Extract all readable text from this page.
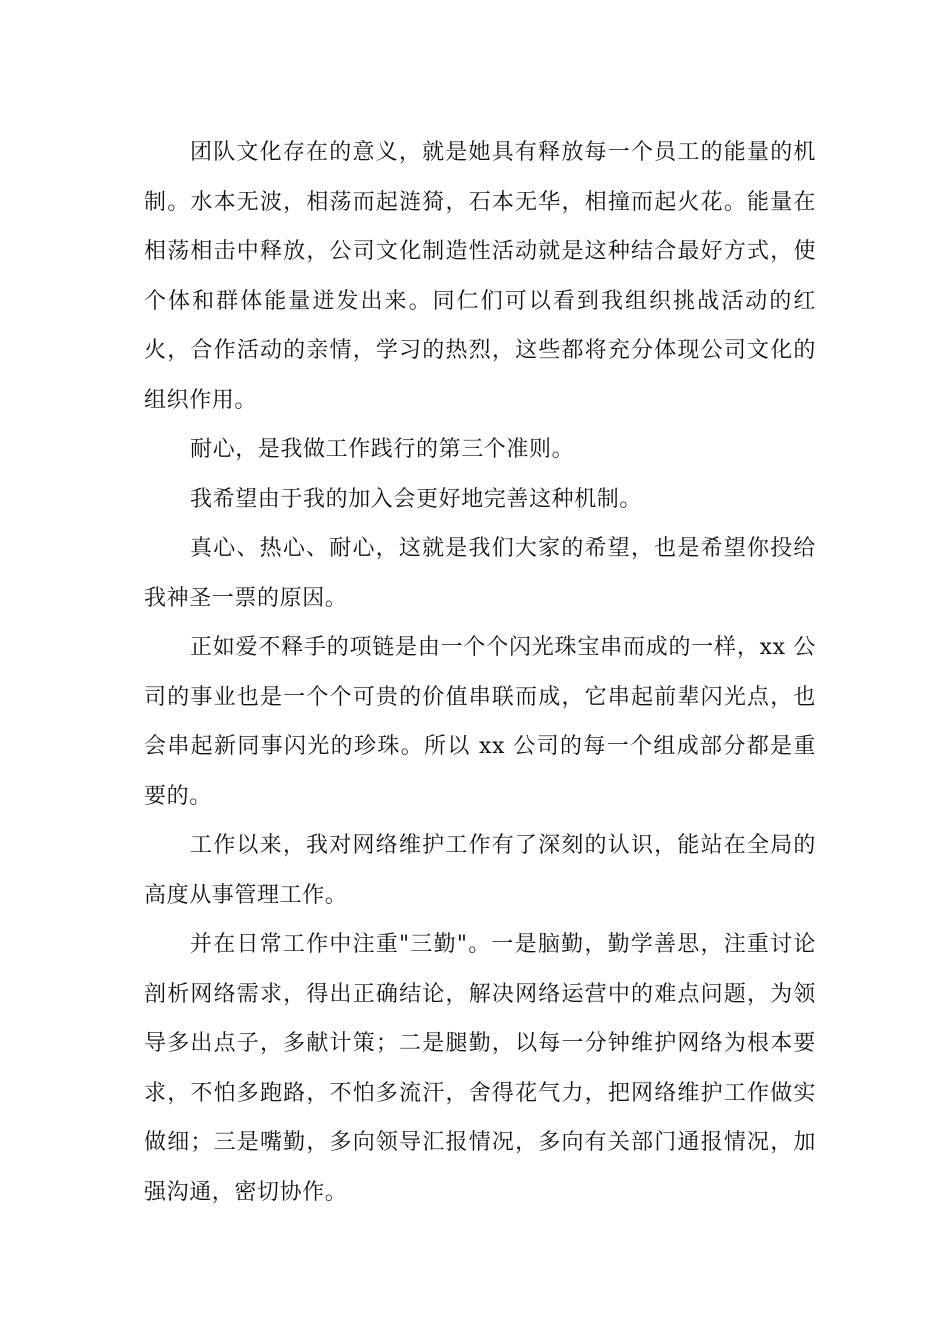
团队文化存在的意义，就是她具有释放每一个员工的能量的机制。水本无波，相荡而起涟猗，石本无华，相撞而起火花。能量在相荡相击中释放，公司文化制造性活动就是这种结合最好方式，使个体和群体能量迸发出来。同仁们可以看到我组织挑战活动的红火，合作活动的亲情，学习的热烈，这些都将充分体现公司文化的组织作用。

耐心，是我做工作践行的第三个准则。

我希望由于我的加入会更好地完善这种机制。

真心、热心、耐心，这就是我们大家的希望，也是希望你投给我神圣一票的原因。

正如爱不释手的项链是由一个个闪光珠宝串而成的一样，xx 公司的事业也是一个个可贵的价值串联而成，它串起前辈闪光点，也会串起新同事闪光的珍珠。所以 xx 公司的每一个组成部分都是重要的。

工作以来，我对网络维护工作有了深刻的认识，能站在全局的高度从事管理工作。

并在日常工作中注重"三勤"。一是脑勤，勤学善思，注重讨论剖析网络需求，得出正确结论，解决网络运营中的难点问题，为领导多出点子，多献计策；二是腿勤，以每一分钟维护网络为根本要求，不怕多跑路，不怕多流汗，舍得花气力，把网络维护工作做实做细；三是嘴勤，多向领导汇报情况，多向有关部门通报情况，加强沟通，密切协作。
